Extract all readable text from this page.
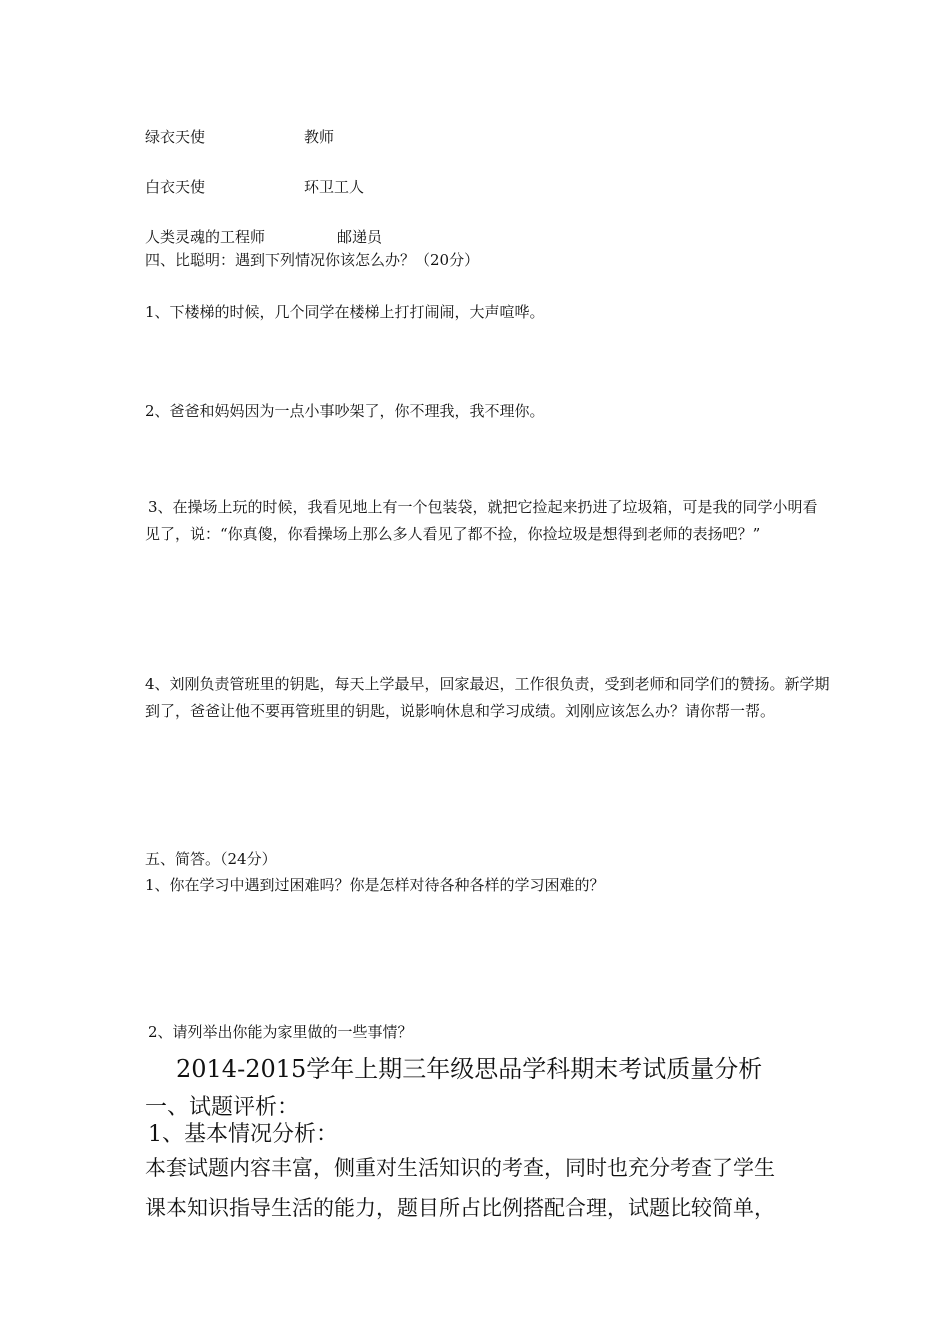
绿衣天使	教师
白衣天使	环卫工人
人类灵魂的工程师	邮递员
四、比聪明：遇到下列情况你该怎么办？（20分）
1、下楼梯的时候，几个同学在楼梯上打打闹闹，大声喧哗。
2、爸爸和妈妈因为一点小事吵架了，你不理我，我不理你。
3、在操场上玩的时候，我看见地上有一个包装袋，就把它捡起来扔进了垃圾箱，可是我的同学小明看见了，说：“你真傻，你看操场上那么多人看见了都不捡，你捡垃圾是想得到老师的表扬吧？”
4、刘刚负责管班里的钥匙，每天上学最早，回家最迟，工作很负责，受到老师和同学们的赞扬。新学期到了，爸爸让他不要再管班里的钥匙，说影响休息和学习成绩。刘刚应该怎么办？请你帮一帮。
五、简答。（24分）
1、你在学习中遇到过困难吗？你是怎样对待各种各样的学习困难的？
2、请列举出你能为家里做的一些事情？
2014-2015学年上期三年级思品学科期末考试质量分析
一、试题评析：
1、基本情况分析：
本套试题内容丰富，侧重对生活知识的考查，同时也充分考查了学生
课本知识指导生活的能力，题目所占比例搭配合理，试题比较简单，
